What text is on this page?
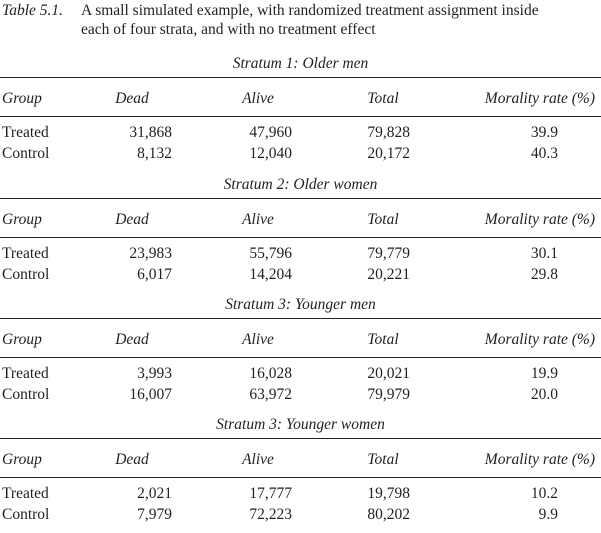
Table 5.1. A small simulated example, with randomized treatment assignment inside
each of four strata, and with no treatment effect
Stratum 1: Older men
Group	Dead	Alive	Total	Morality rate (%)
Treated	31,868	47,960	79,828	39.9
Control	8,132	12,040	20,172	40.3
Stratum 2: Older women
Group	Dead	Alive	Total	Morality rate (%)
Treated	23,983	55,796	79,779	30.1
Control	6,017	14,204	20,221	29.8
Stratum 3: Younger men
Group	Dead	Alive	Total	Morality rate (%)
Treated	3,993	16,028	20,021	19.9
Control	16,007	63,972	79,979	20.0
Stratum 3: Younger women
Group	Dead	Alive	Total	Morality rate (%)
Treated	2,021	17,777	19,798	10.2
Control	7,979	72,223	80,202	9.9
